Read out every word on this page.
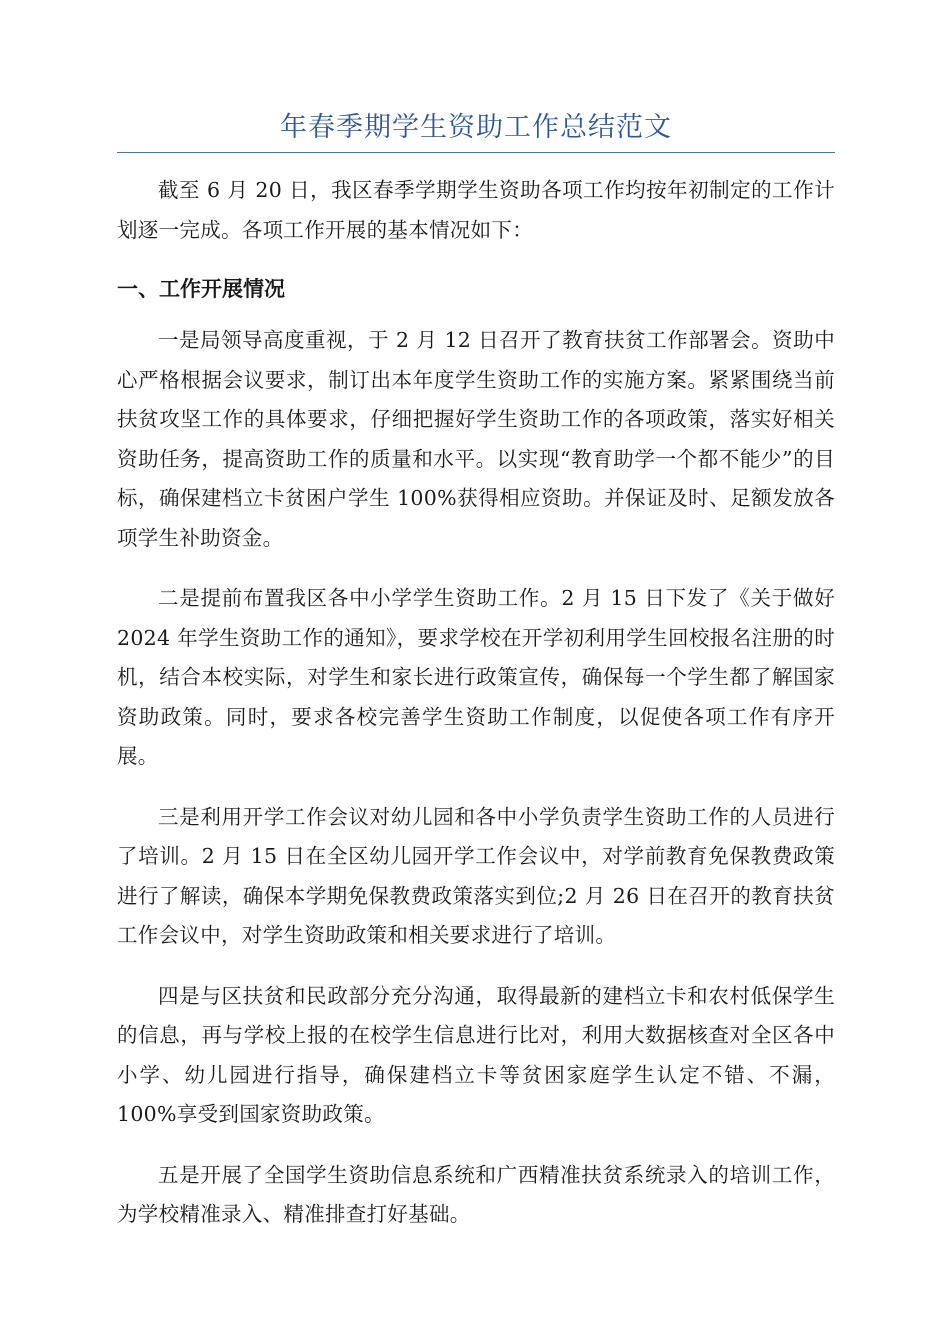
年春季期学生资助工作总结范文

截至 6 月 20 日，我区春季学期学生资助各项工作均按年初制定的工作计划逐一完成。各项工作开展的基本情况如下：

一、工作开展情况

一是局领导高度重视，于 2 月 12 日召开了教育扶贫工作部署会。资助中心严格根据会议要求，制订出本年度学生资助工作的实施方案。紧紧围绕当前扶贫攻坚工作的具体要求，仔细把握好学生资助工作的各项政策，落实好相关资助任务，提高资助工作的质量和水平。以实现“教育助学一个都不能少”的目标，确保建档立卡贫困户学生 100%获得相应资助。并保证及时、足额发放各项学生补助资金。

二是提前布置我区各中小学学生资助工作。2 月 15 日下发了《关于做好 2024 年学生资助工作的通知》，要求学校在开学初利用学生回校报名注册的时机，结合本校实际，对学生和家长进行政策宣传，确保每一个学生都了解国家资助政策。同时，要求各校完善学生资助工作制度，以促使各项工作有序开展。

三是利用开学工作会议对幼儿园和各中小学负责学生资助工作的人员进行了培训。2 月 15 日在全区幼儿园开学工作会议中，对学前教育免保教费政策进行了解读，确保本学期免保教费政策落实到位;2 月 26 日在召开的教育扶贫工作会议中，对学生资助政策和相关要求进行了培训。

四是与区扶贫和民政部分充分沟通，取得最新的建档立卡和农村低保学生的信息，再与学校上报的在校学生信息进行比对，利用大数据核查对全区各中小学、幼儿园进行指导，确保建档立卡等贫困家庭学生认定不错、不漏，100%享受到国家资助政策。

五是开展了全国学生资助信息系统和广西精准扶贫系统录入的培训工作，为学校精准录入、精准排查打好基础。
